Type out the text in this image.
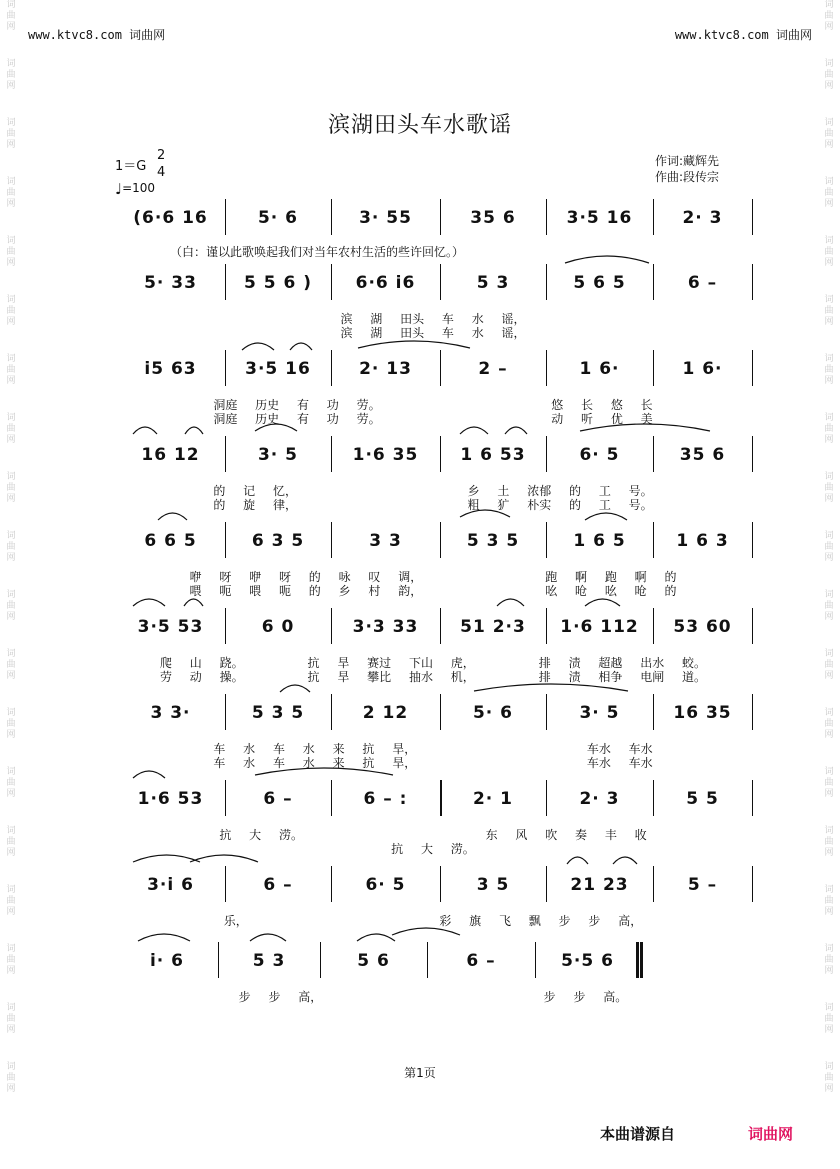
词
曲
网
词
曲
网
词
曲
网
词
曲
网
词
曲
网
词
曲
网
词
曲
网
词
曲
网
词
曲
网
词
曲
网
词
曲
网
词
曲
网
词
曲
网
词
曲
网
词
曲
网
词
曲
网
词
曲
网
词
曲
网
词
曲
网
词
曲
网
词
曲
网
词
曲
网
词
曲
网
词
曲
网
词
曲
网
词
曲
网
词
曲
网
词
曲
网
词
曲
网
词
曲
网
词
曲
网
词
曲
网
词
曲
网
词
曲
网
词
曲
网
词
曲
网
词
曲
网
词
曲
网
www.ktvc8.com 词曲网	www.ktvc8.com 词曲网
滨湖田头车水歌谣
1＝G
2
4
♩=100
作词:藏辉先
作曲:段传宗
（白：谨以此歌唤起我们对当年农村生活的些许回忆。）
(6·6 16	5· 6	3· 55	35 6	3·5 16	2· 3
5· 33	5 5 6 )	6·6 i6	5 3	5 6 5	6 –
i5 63	3·5 16	2· 13	2 –	1 6·	1 6·
16 12	3· 5	1·6 35	1 6 53	6· 5	35 6
6 6 5	6 3 5	3 3	5 3 5	1 6 5	1 6 3
3·5 53	6 0	3·3 33	51 2·3	1·6 112	53 60
3 3·	5 3 5	2 12	5· 6	3· 5	16 35
1·6 53	6 –	6 – :	2· 1	2· 3	5 5
3·i 6	6 –	6· 5	3 5	21 23	5 –
i· 6	5 3	5 6	6 –	5·5 6
第1页
本曲谱源自	词曲网
滨 湖 田头 车 水 谣，
滨 湖 田头 车 水 谣，
洞庭 历史 有 功 劳。	悠 长 悠 长
洞庭 历史 有 功 劳。	动 听 优 美
的 记 忆，	乡 土 浓郁 的 工 号。
的 旋 律，	粗 犷 朴实 的 工 号。
咿 呀 咿 呀 的 咏 叹 调，	跑 啊 跑 啊 的
喂 呃 喂 呃 的 乡 村 韵，	吆 呛 吆 呛 的
爬 山 跷。	抗 旱 赛过 下山 虎，	排 渍 超越 出水 蛟。
劳 动 操。	抗 旱 攀比 抽水 机，	排 渍 相争 电闸 道。
车 水 车 水 来 抗 旱，	车水 车水
车 水 车 水 来 抗 旱，	车水 车水
抗 大 涝。	东 风 吹 奏 丰 收
抗 大 涝。
乐，	彩 旗 飞 飘 步 步 高，
步 步 高，	步 步 高。
